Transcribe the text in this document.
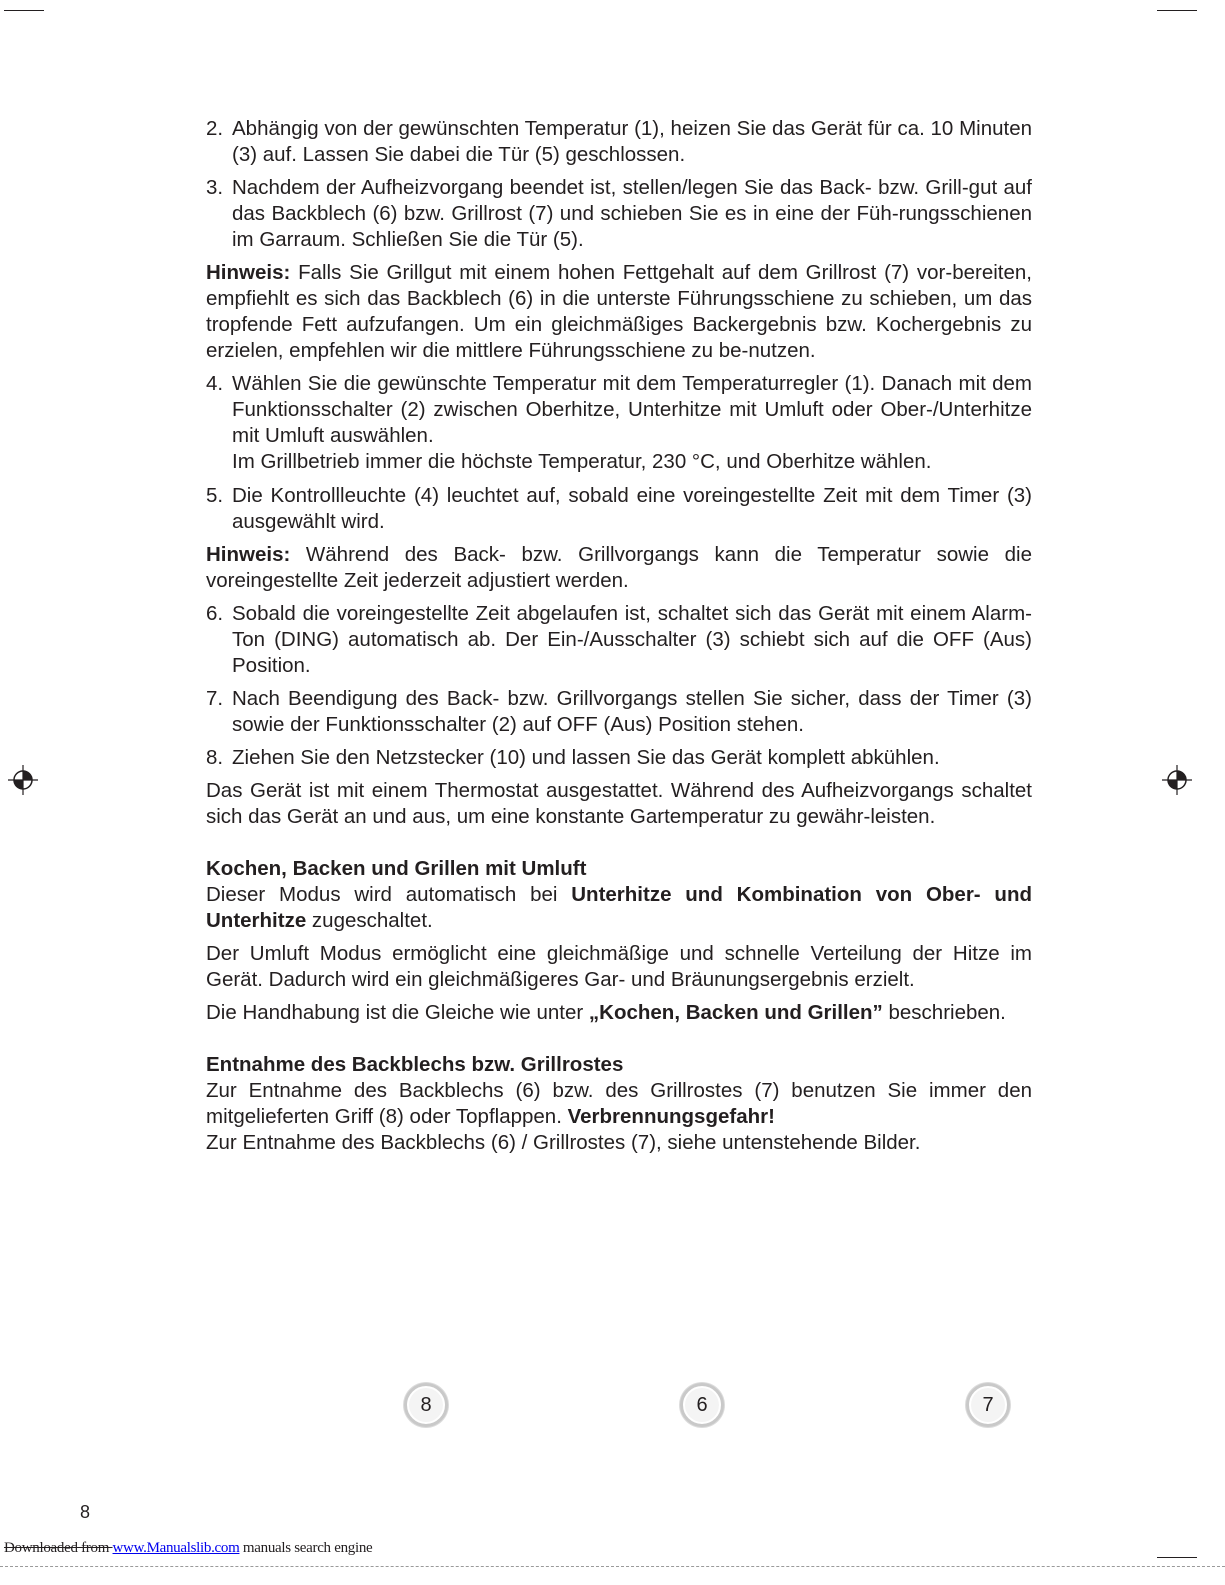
2. Abhängig von der gewünschten Temperatur (1), heizen Sie das Gerät für ca. 10 Minuten (3) auf. Lassen Sie dabei die Tür (5) geschlossen.
3. Nachdem der Aufheizvorgang beendet ist, stellen/legen Sie das Back- bzw. Grill-gut auf das Backblech (6) bzw. Grillrost (7) und schieben Sie es in eine der Füh-rungsschienen im Garraum. Schließen Sie die Tür (5).

Hinweis: Falls Sie Grillgut mit einem hohen Fettgehalt auf dem Grillrost (7) vor-bereiten, empfiehlt es sich das Backblech (6) in die unterste Führungsschiene zu schieben, um das tropfende Fett aufzufangen. Um ein gleichmäßiges Backergebnis bzw. Kochergebnis zu erzielen, empfehlen wir die mittlere Führungsschiene zu be-nutzen.

4. Wählen Sie die gewünschte Temperatur mit dem Temperaturregler (1). Danach mit dem Funktionsschalter (2) zwischen Oberhitze, Unterhitze mit Umluft oder Ober-/Unterhitze mit Umluft auswählen.
Im Grillbetrieb immer die höchste Temperatur, 230 °C, und Oberhitze wählen.
5. Die Kontrollleuchte (4) leuchtet auf, sobald eine voreingestellte Zeit mit dem Timer (3) ausgewählt wird.

Hinweis: Während des Back- bzw. Grillvorgangs kann die Temperatur sowie die voreingestellte Zeit jederzeit adjustiert werden.

6. Sobald die voreingestellte Zeit abgelaufen ist, schaltet sich das Gerät mit einem Alarm-Ton (DING) automatisch ab. Der Ein-/Ausschalter (3) schiebt sich auf die OFF (Aus) Position.
7. Nach Beendigung des Back- bzw. Grillvorgangs stellen Sie sicher, dass der Timer (3) sowie der Funktionsschalter (2) auf OFF (Aus) Position stehen.
8. Ziehen Sie den Netzstecker (10) und lassen Sie das Gerät komplett abkühlen.

Das Gerät ist mit einem Thermostat ausgestattet. Während des Aufheizvorgangs schaltet sich das Gerät an und aus, um eine konstante Gartemperatur zu gewähr-leisten.

Kochen, Backen und Grillen mit Umluft

Dieser Modus wird automatisch bei Unterhitze und Kombination von Ober- und Unterhitze zugeschaltet.

Der Umluft Modus ermöglicht eine gleichmäßige und schnelle Verteilung der Hitze im Gerät. Dadurch wird ein gleichmäßigeres Gar- und Bräunungsergebnis erzielt.

Die Handhabung ist die Gleiche wie unter „Kochen, Backen und Grillen” beschrieben.

Entnahme des Backblechs bzw. Grillrostes

Zur Entnahme des Backblechs (6) bzw. des Grillrostes (7) benutzen Sie immer den mitgelieferten Griff (8) oder Topflappen. Verbrennungsgefahr!

Zur Entnahme des Backblechs (6) / Grillrostes (7), siehe untenstehende Bilder.

8	6	7
8
Downloaded from www.Manualslib.com manuals search engine
